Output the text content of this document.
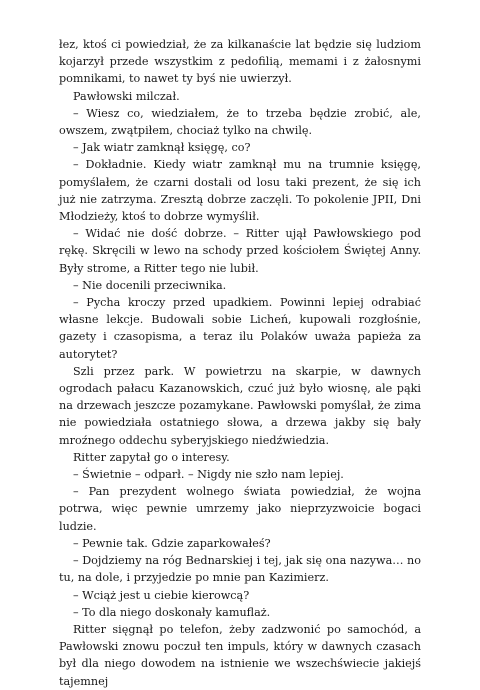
łez, ktoś ci powiedział, że za kilkanaście lat będzie się ludziom kojarzył przede wszystkim z pedofilią, memami i z żałosnymi pomnikami, to nawet ty byś nie uwierzył.

Pawłowski milczał.

– Wiesz co, wiedziałem, że to trzeba będzie zrobić, ale, owszem, zwątpiłem, chociaż tylko na chwilę.

– Jak wiatr zamknął księgę, co?

– Dokładnie. Kiedy wiatr zamknął mu na trumnie księgę, pomyślałem, że czarni dostali od losu taki prezent, że się ich już nie zatrzyma. Zresztą dobrze zaczęli. To pokolenie JPII, Dni Młodzieży, ktoś to dobrze wymyślił.

– Widać nie dość dobrze. – Ritter ujął Pawłowskiego pod rękę. Skręcili w lewo na schody przed kościołem Świętej Anny. Były strome, a Ritter tego nie lubił.

– Nie docenili przeciwnika.

– Pycha kroczy przed upadkiem. Powinni lepiej odrabiać własne lekcje. Budowali sobie Licheń, kupowali rozgłośnie, gazety i czasopisma, a teraz ilu Polaków uważa papieża za autorytet?

Szli przez park. W powietrzu na skarpie, w dawnych ogrodach pałacu Kazanowskich, czuć już było wiosnę, ale pąki na drzewach jeszcze pozamykane. Pawłowski pomyślał, że zima nie powiedziała ostatniego słowa, a drzewa jakby się bały mroźnego oddechu syberyjskiego niedźwiedzia.

Ritter zapytał go o interesy.

– Świetnie – odparł. – Nigdy nie szło nam lepiej.

– Pan prezydent wolnego świata powiedział, że wojna potrwa, więc pewnie umrzemy jako nieprzyzwoicie bogaci ludzie.

– Pewnie tak. Gdzie zaparkowałeś?

– Dojdziemy na róg Bednarskiej i tej, jak się ona nazywa… no tu, na dole, i przyjedzie po mnie pan Kazimierz.

– Wciąż jest u ciebie kierowcą?

– To dla niego doskonały kamuflaż.

Ritter sięgnął po telefon, żeby zadzwonić po samochód, a Pawłowski znowu poczuł ten impuls, który w dawnych czasach był dla niego dowodem na istnienie we wszechświecie jakiejś tajemnej
